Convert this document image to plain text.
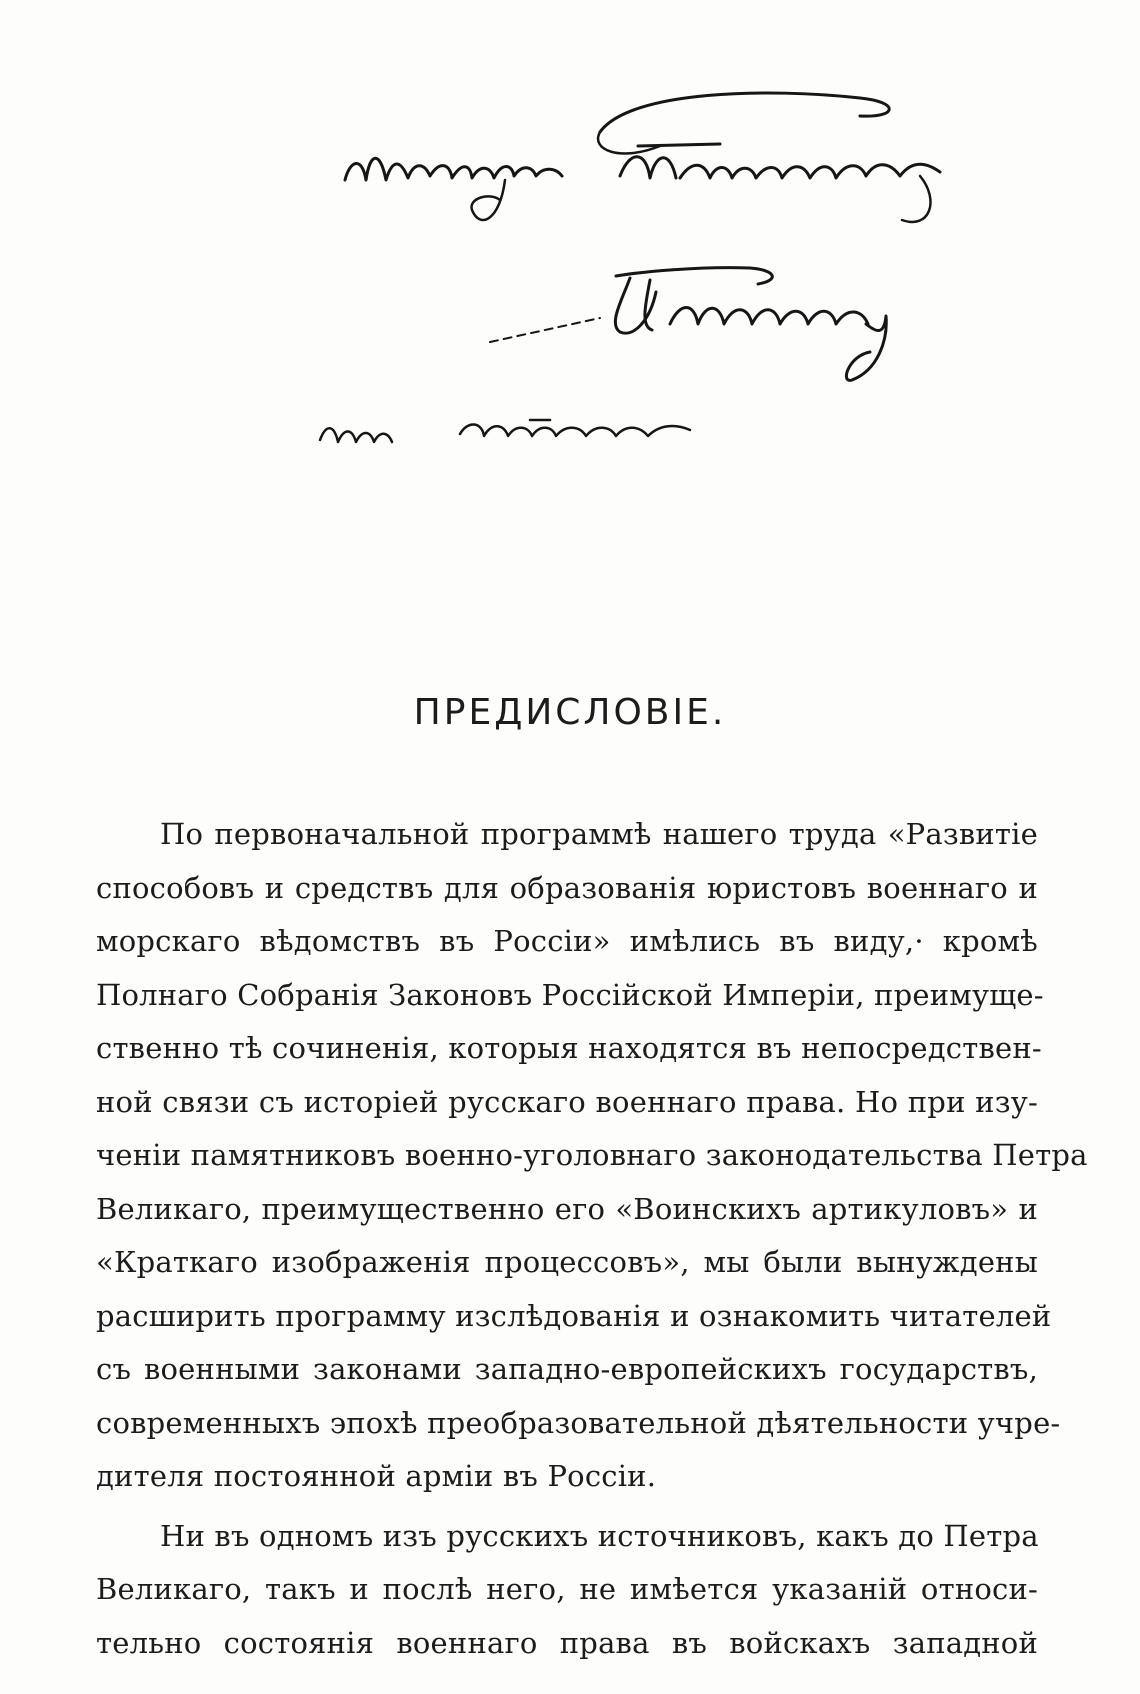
ПРЕДИСЛОВІЕ.
По первоначальной программѣ нашего труда «Развитіе
способовъ и средствъ для образованія юристовъ военнаго и
морскаго вѣдомствъ въ Россіи» имѣлись въ виду,· кромѣ
Полнаго Собранія Законовъ Россійской Имперіи, преимуще-
ственно тѣ сочиненія, которыя находятся въ непосредствен-
ной связи съ исторіей русскаго военнаго права. Но при изу-
ченіи памятниковъ военно-уголовнаго законодательства Петра
Великаго, преимущественно его «Воинскихъ артикуловъ» и
«Краткаго изображенія процессовъ», мы были вынуждены
расширить программу изслѣдованія и ознакомить читателей
съ военными законами западно-европейскихъ государствъ,
современныхъ эпохѣ преобразовательной дѣятельности учре-
дителя постоянной арміи въ Россіи.
Ни въ одномъ изъ русскихъ источниковъ, какъ до Петра
Великаго, такъ и послѣ него, не имѣется указаній относи-
тельно состоянія военнаго права въ войскахъ западной
